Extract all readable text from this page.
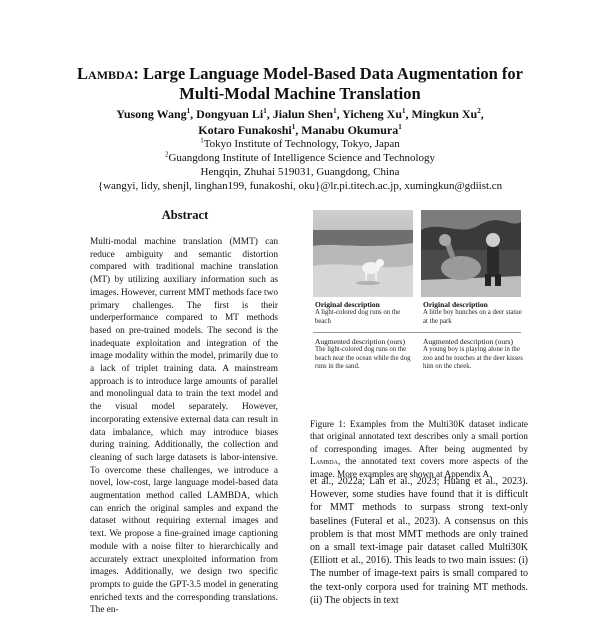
Lambda: Large Language Model-Based Data Augmentation for
Multi-Modal Machine Translation
Yusong Wang$^1$, Dongyuan Li$^1$, Jialun Shen$^1$, Yicheng Xu$^1$, Mingkun Xu$^2$,
Kotaro Funakoshi$^1$, Manabu Okumura$^1$
$^1$Tokyo Institute of Technology, Tokyo, Japan
$^2$Guangdong Institute of Intelligence Science and Technology
Hengqin, Zhuhai 519031, Guangdong, China
{wangyi, lidy, shenjl, linghan199, funakoshi, oku}@lr.pi.titech.ac.jp, xumingkun@gdiist.cn
Abstract
Multi-modal machine translation (MMT) can reduce ambiguity and semantic distortion compared with traditional machine translation (MT) by utilizing auxiliary information such as images. However, current MMT methods face two primary challenges. The first is their underperformance compared to MT methods based on pre-trained models. The second is the inadequate exploitation and integration of the image modality within the model, primarily due to a lack of triplet training data. A mainstream approach is to introduce large amounts of parallel and monolingual data to train the text model and the visual model separately. However, incorporating extensive external data can result in data imbalance, which may introduce biases during training. Additionally, the collection and cleaning of such large datasets is labor-intensive. To overcome these challenges, we introduce a novel, low-cost, large language model-based data augmentation method called LAMBDA, which can enrich the original samples and expand the dataset without requiring external images and text. We propose a fine-grained image captioning module with a noise filter to hierarchically and accurately extract unexploited information from images. Additionally, we design two specific prompts to guide the GPT-3.5 model in generating enriched texts and the corresponding translations. The en-
Original description
A light-colored dog runs on the beach
Original description
A little boy hunches on a deer statue at the park
Augmented description (ours)
The light-colored dog runs on the beach near the ocean while the dog runs in the sand.
Augmented description (ours)
A young boy is playing alone in the zoo and he touches at the deer kisses him on the cheek.
Figure 1: Examples from the Multi30K dataset indicate that original annotated text describes only a small portion of corresponding images. After being augmented by Lambda, the annotated text covers more aspects of the image. More examples are shown at Appendix A.
et al., 2022a; Lan et al., 2023; Huang et al., 2023). However, some studies have found that it is difficult for MMT methods to surpass strong text-only baselines (Futeral et al., 2023). A consensus on this problem is that most MMT methods are only trained on a small text-image pair dataset called Multi30K (Elliott et al., 2016). This leads to two main issues: (i) The number of image-text pairs is small compared to the text-only corpora used for training MT methods. (ii) The objects in text
